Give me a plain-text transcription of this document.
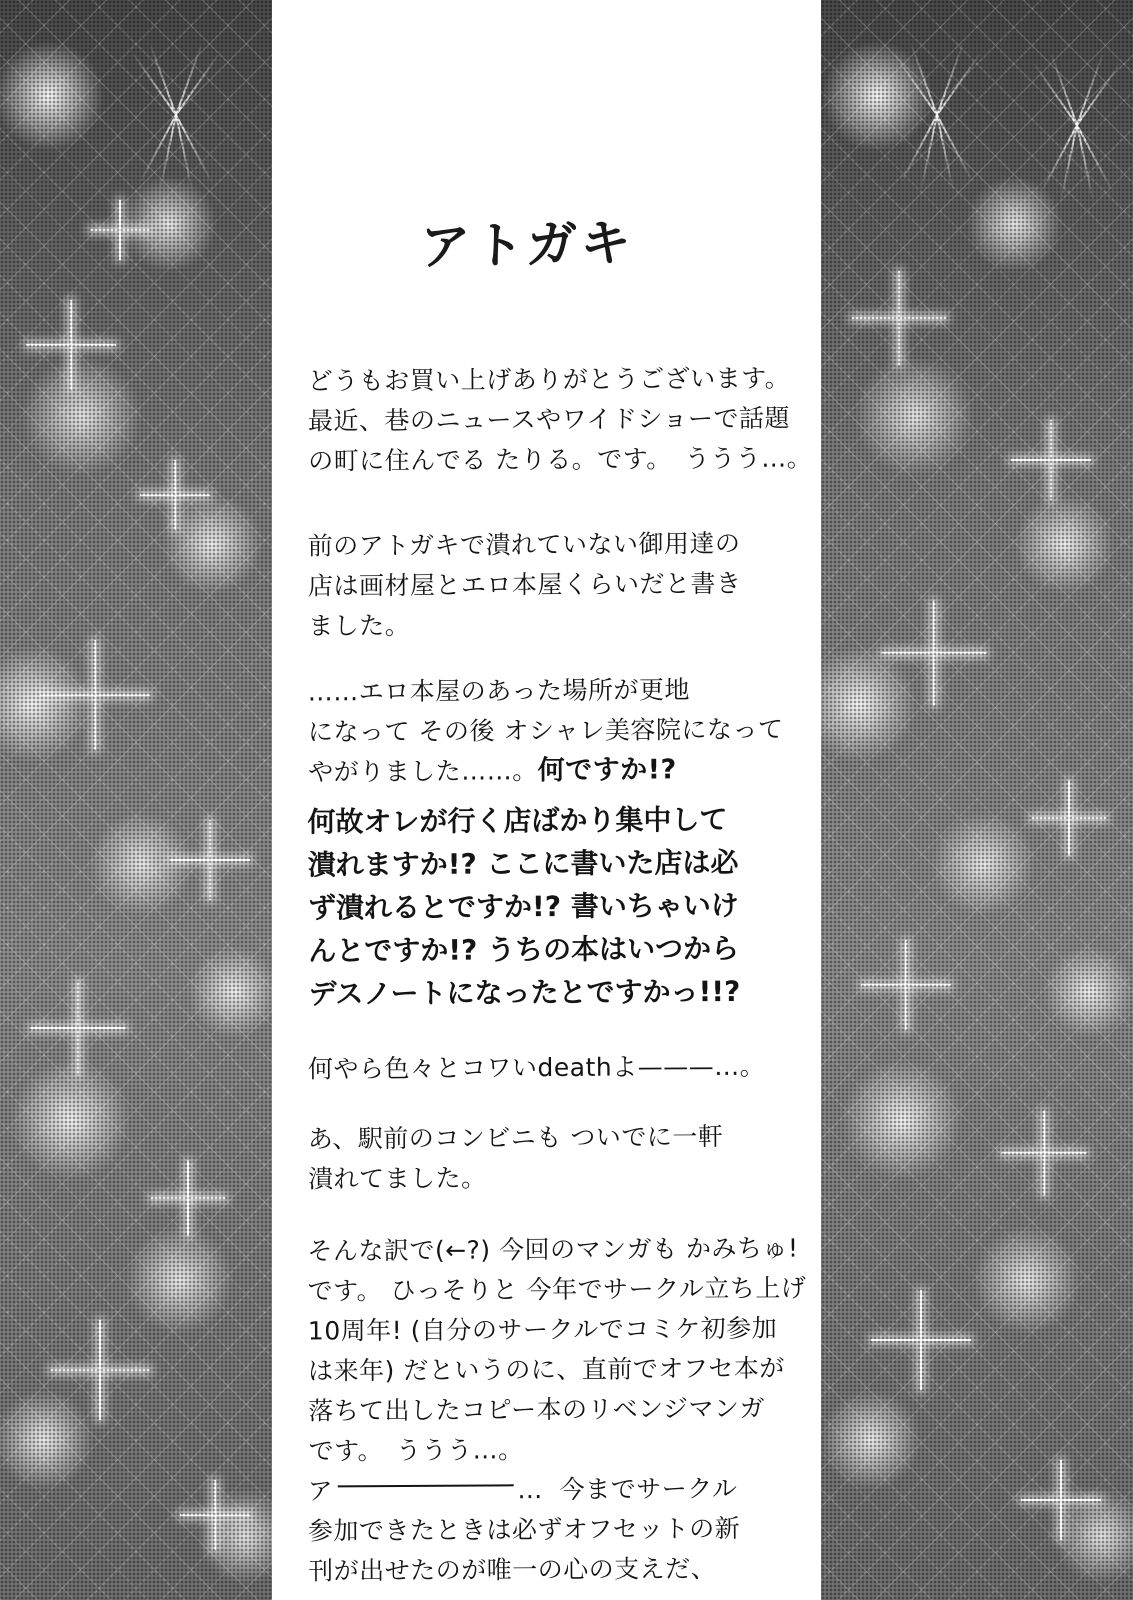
アトガキ

どうもお買い上げありがとうございます。
最近、巷のニュースやワイドショーで話題
の町に住んでる たりる。です。　ううう…。

前のアトガキで潰れていない御用達の
店は画材屋とエロ本屋くらいだと書き
ました。

……エロ本屋のあった場所が更地
になって その後 オシャレ美容院になって
やがりました……。何ですか!?

何故オレが行く店ばかり集中して
潰れますか!? ここに書いた店は必
ず潰れるとですか!? 書いちゃいけ
んとですか!? うちの本はいつから
デスノートになったとですかっ!!?

何やら色々とコワいdeathよ———…。

あ、駅前のコンビニも ついでに一軒
潰れてました。

そんな訳で(←?) 今回のマンガも かみちゅ!
です。 ひっそりと 今年でサークル立ち上げ
10周年! (自分のサークルでコミケ初参加
は来年) だというのに、直前でオフセ本が
落ちて出したコピー本のリベンジマンガ
です。　ううう…。

ア	… 今までサークル
参加できたときは必ずオフセットの新
刊が出せたのが唯一の心の支えだ、
